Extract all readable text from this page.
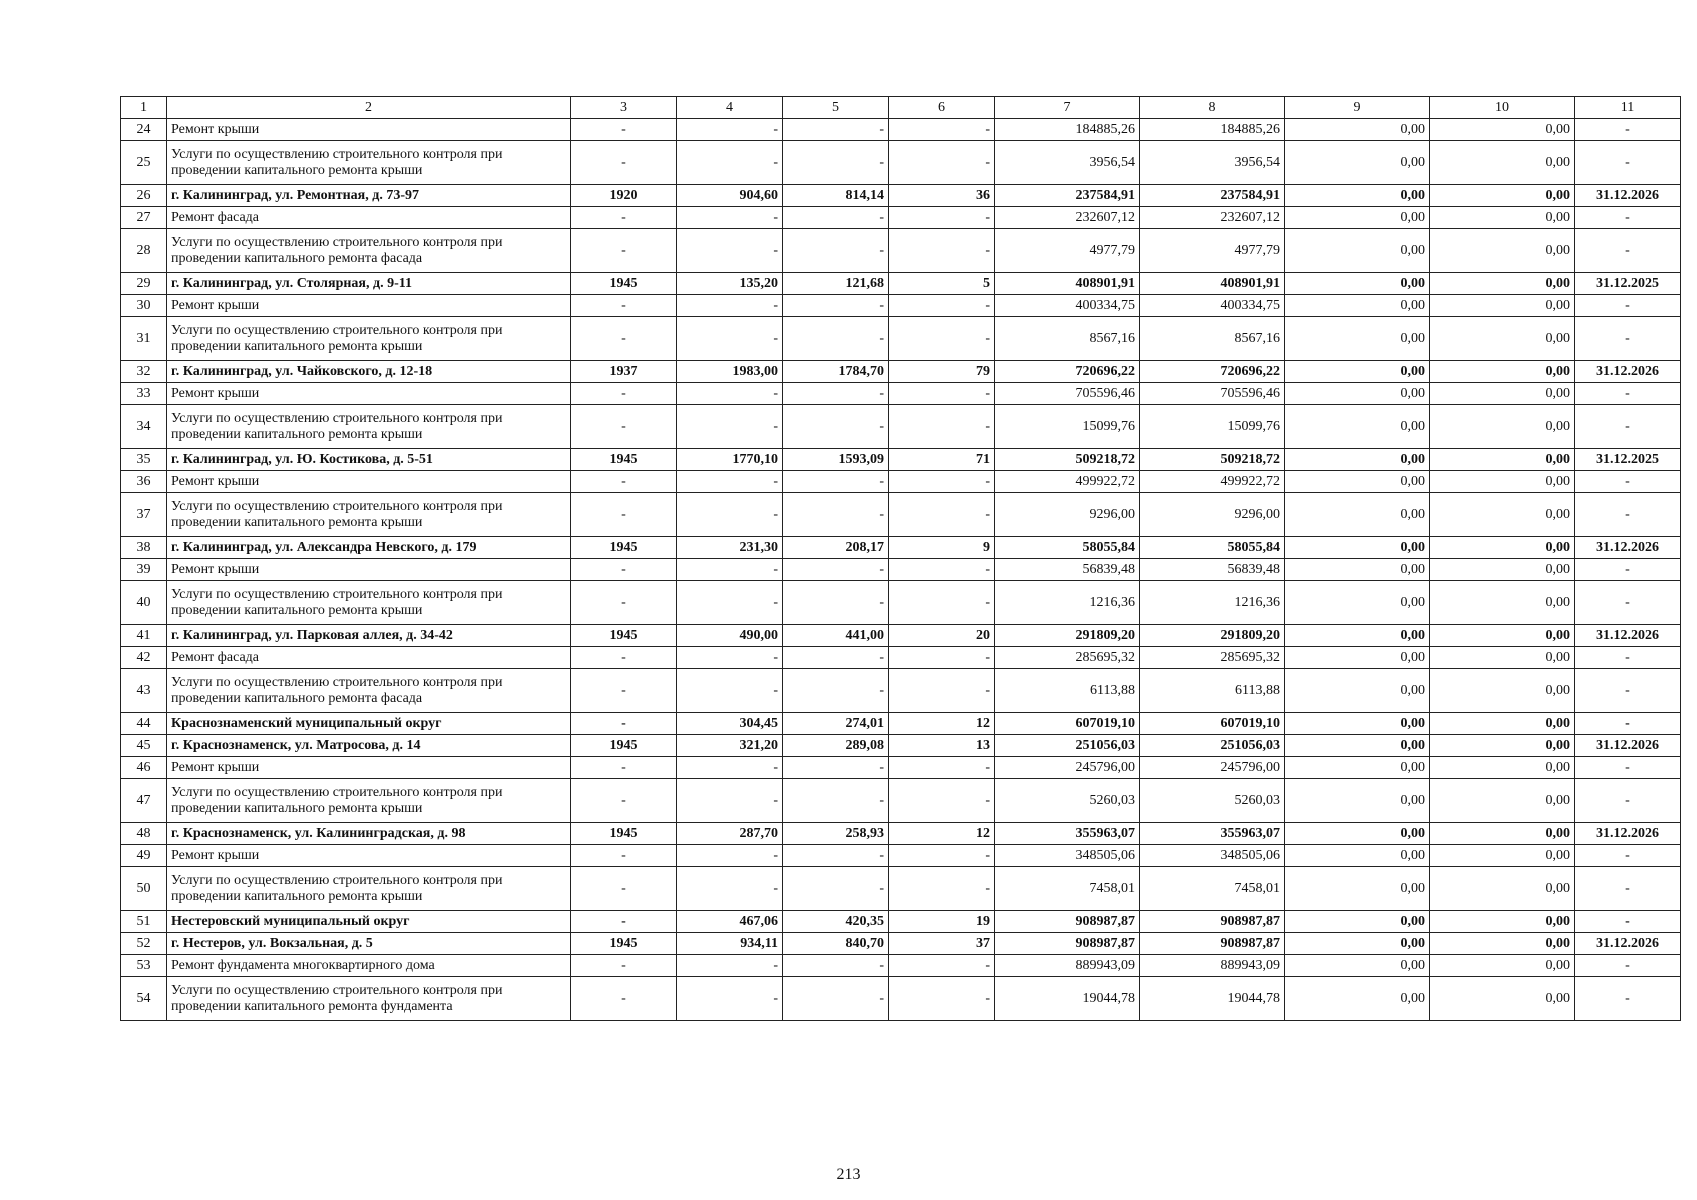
1	2	3	4	5	6	7	8	9	10	11
24	Ремонт крыши	-	-	-	-	184885,26	184885,26	0,00	0,00	-
25	Услуги по осуществлению строительного контроля при проведении капитального ремонта крыши	-	-	-	-	3956,54	3956,54	0,00	0,00	-
26	г. Калининград, ул. Ремонтная, д. 73-97	1920	904,60	814,14	36	237584,91	237584,91	0,00	0,00	31.12.2026
27	Ремонт фасада	-	-	-	-	232607,12	232607,12	0,00	0,00	-
28	Услуги по осуществлению строительного контроля при проведении капитального ремонта фасада	-	-	-	-	4977,79	4977,79	0,00	0,00	-
29	г. Калининград, ул. Столярная, д. 9-11	1945	135,20	121,68	5	408901,91	408901,91	0,00	0,00	31.12.2025
30	Ремонт крыши	-	-	-	-	400334,75	400334,75	0,00	0,00	-
31	Услуги по осуществлению строительного контроля при проведении капитального ремонта крыши	-	-	-	-	8567,16	8567,16	0,00	0,00	-
32	г. Калининград, ул. Чайковского, д. 12-18	1937	1983,00	1784,70	79	720696,22	720696,22	0,00	0,00	31.12.2026
33	Ремонт крыши	-	-	-	-	705596,46	705596,46	0,00	0,00	-
34	Услуги по осуществлению строительного контроля при проведении капитального ремонта крыши	-	-	-	-	15099,76	15099,76	0,00	0,00	-
35	г. Калининград, ул. Ю. Костикова, д. 5-51	1945	1770,10	1593,09	71	509218,72	509218,72	0,00	0,00	31.12.2025
36	Ремонт крыши	-	-	-	-	499922,72	499922,72	0,00	0,00	-
37	Услуги по осуществлению строительного контроля при проведении капитального ремонта крыши	-	-	-	-	9296,00	9296,00	0,00	0,00	-
38	г. Калининград, ул. Александра Невского, д. 179	1945	231,30	208,17	9	58055,84	58055,84	0,00	0,00	31.12.2026
39	Ремонт крыши	-	-	-	-	56839,48	56839,48	0,00	0,00	-
40	Услуги по осуществлению строительного контроля при проведении капитального ремонта крыши	-	-	-	-	1216,36	1216,36	0,00	0,00	-
41	г. Калининград, ул. Парковая аллея, д. 34-42	1945	490,00	441,00	20	291809,20	291809,20	0,00	0,00	31.12.2026
42	Ремонт фасада	-	-	-	-	285695,32	285695,32	0,00	0,00	-
43	Услуги по осуществлению строительного контроля при проведении капитального ремонта фасада	-	-	-	-	6113,88	6113,88	0,00	0,00	-
44	Краснознаменский муниципальный округ	-	304,45	274,01	12	607019,10	607019,10	0,00	0,00	-
45	г. Краснознаменск, ул. Матросова, д. 14	1945	321,20	289,08	13	251056,03	251056,03	0,00	0,00	31.12.2026
46	Ремонт крыши	-	-	-	-	245796,00	245796,00	0,00	0,00	-
47	Услуги по осуществлению строительного контроля при проведении капитального ремонта крыши	-	-	-	-	5260,03	5260,03	0,00	0,00	-
48	г. Краснознаменск, ул. Калининградская, д. 98	1945	287,70	258,93	12	355963,07	355963,07	0,00	0,00	31.12.2026
49	Ремонт крыши	-	-	-	-	348505,06	348505,06	0,00	0,00	-
50	Услуги по осуществлению строительного контроля при проведении капитального ремонта крыши	-	-	-	-	7458,01	7458,01	0,00	0,00	-
51	Нестеровский муниципальный округ	-	467,06	420,35	19	908987,87	908987,87	0,00	0,00	-
52	г. Нестеров, ул. Вокзальная, д. 5	1945	934,11	840,70	37	908987,87	908987,87	0,00	0,00	31.12.2026
53	Ремонт фундамента многоквартирного дома	-	-	-	-	889943,09	889943,09	0,00	0,00	-
54	Услуги по осуществлению строительного контроля при проведении капитального ремонта фундамента	-	-	-	-	19044,78	19044,78	0,00	0,00	-
213
